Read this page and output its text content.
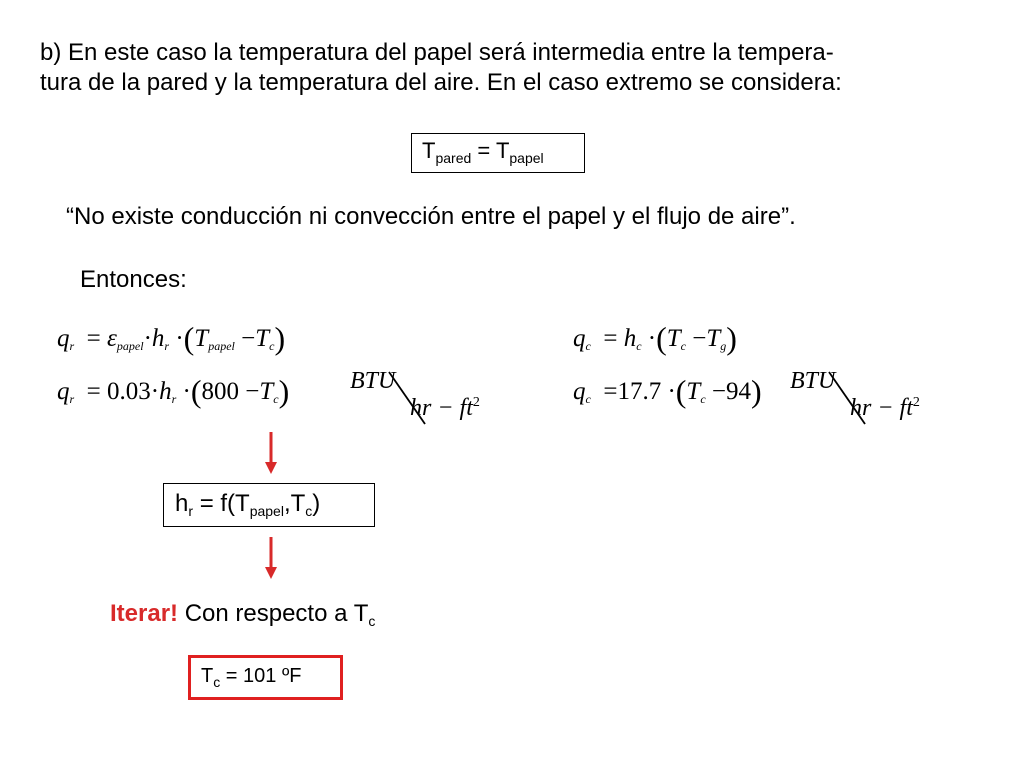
b) En este caso la temperatura del papel será intermedia entre la tempera-
tura de la pared y la temperatura del aire. En el caso extremo se considera:
$T_{pared} = T_{papel}$
“No existe conducción ni convección entre el papel y el flujo de aire”.
Entonces:
$q_r = \varepsilon_{papel}\cdot h_r \cdot(T_{papel} -T_c)$
$q_r = 0.03\cdot h_r \cdot(800 -T_c)$	BTU
hr − $ft^2$
$q_c = h_c \cdot(T_c -T_g)$
$q_c =17.7 \cdot(T_c -94)$ BTU
hr − $ft^2$
$h_r = f(T_{papel},T_c)$
Iterar! Con respecto a $T_c$
$T_c = 101$ ºF
